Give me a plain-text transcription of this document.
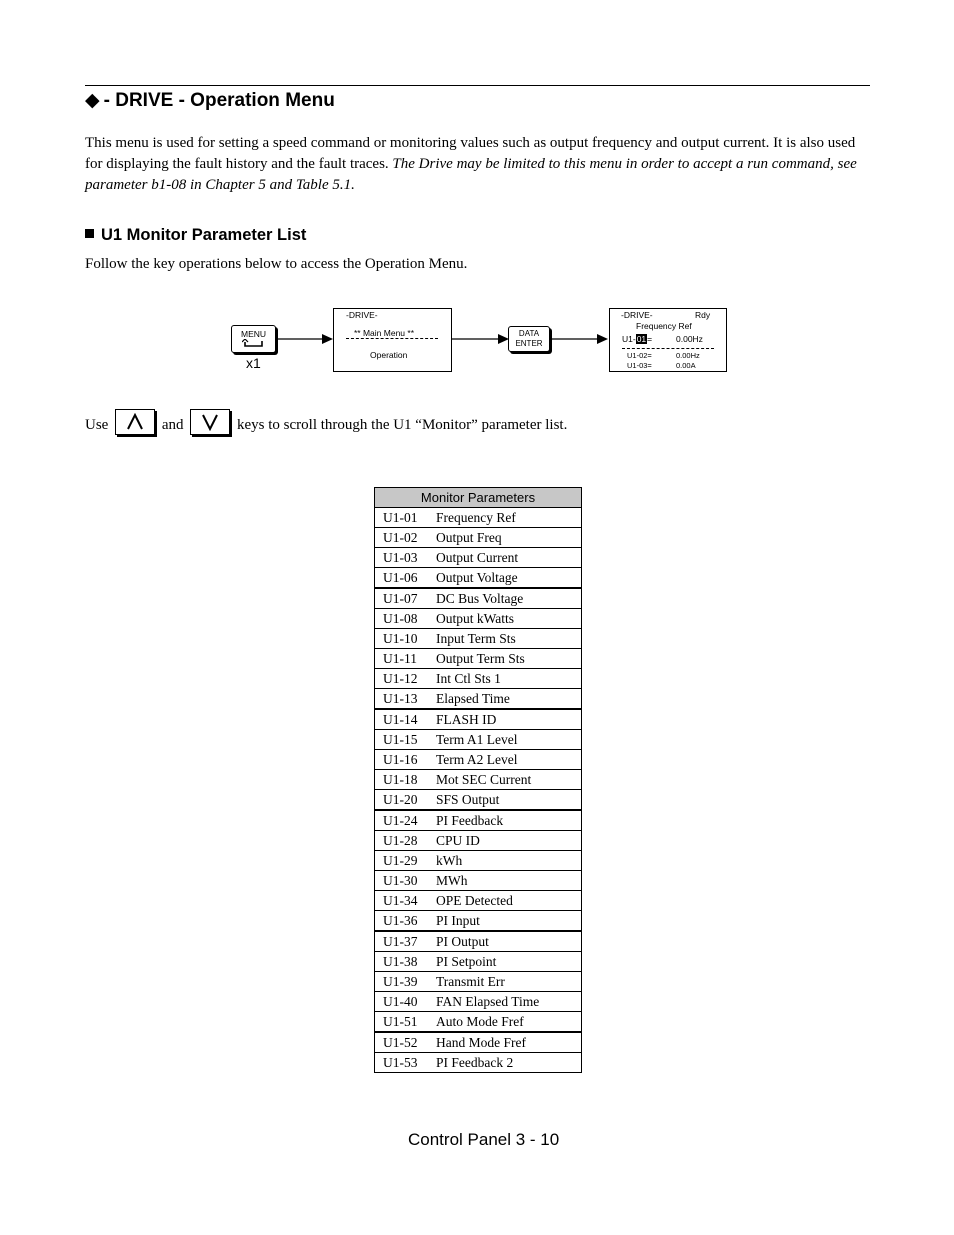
◆ - DRIVE - Operation Menu
This menu is used for setting a speed command or monitoring values such as output frequency and output current. It is also used for displaying the fault history and the fault traces. The Drive may be limited to this menu in order to accept a run command, see parameter b1-08 in Chapter 5 and Table 5.1.
U1 Monitor Parameter List
Follow the key operations below to access the Operation Menu.
MENU
x1
-DRIVE-
** Main Menu **
Operation
DATA
ENTER
-DRIVE-	Rdy
Frequency Ref
U1-01=	0.00Hz
U1-02=	0.00Hz
U1-03=	0.00A
Use	and	keys to scroll through the U1 “Monitor” parameter list.
Monitor Parameters	
U1-01	Frequency Ref
U1-02	Output Freq
U1-03	Output Current
U1-06	Output Voltage
U1-07	DC Bus Voltage
U1-08	Output kWatts
U1-10	Input Term Sts
U1-11	Output Term Sts
U1-12	Int Ctl Sts 1
U1-13	Elapsed Time
U1-14	FLASH ID
U1-15	Term A1 Level
U1-16	Term A2 Level
U1-18	Mot SEC Current
U1-20	SFS Output
U1-24	PI Feedback
U1-28	CPU ID
U1-29	kWh
U1-30	MWh
U1-34	OPE Detected
U1-36	PI Input
U1-37	PI Output
U1-38	PI Setpoint
U1-39	Transmit Err
U1-40	FAN Elapsed Time
U1-51	Auto Mode Fref
U1-52	Hand Mode Fref
U1-53	PI Feedback 2
Control Panel 3 - 10
